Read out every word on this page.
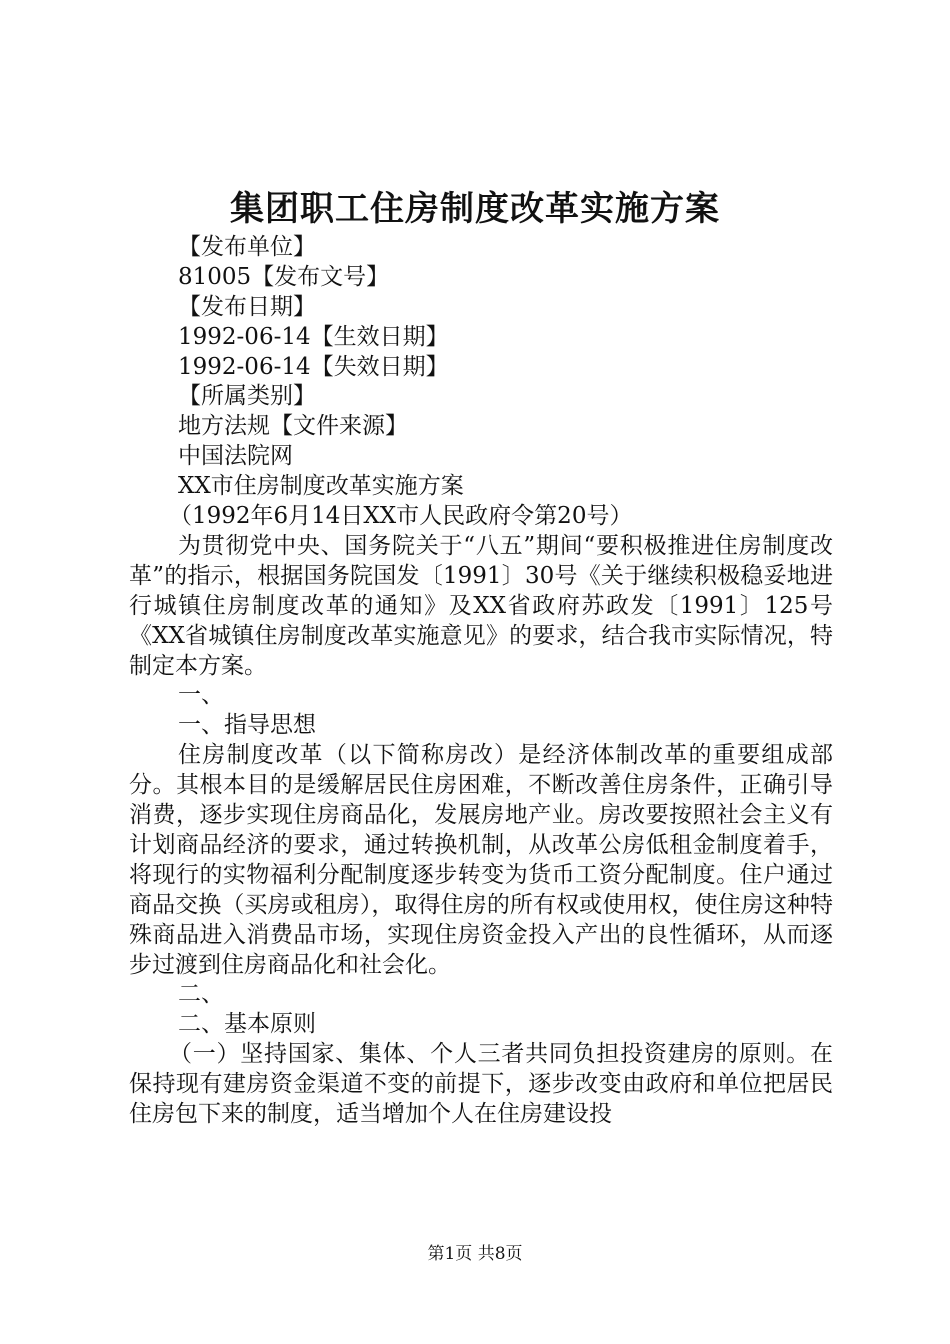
集团职工住房制度改革实施方案
【发布单位】
81005【发布文号】
【发布日期】
1992-06-14【生效日期】
1992-06-14【失效日期】
【所属类别】
地方法规【文件来源】
中国法院网
XX市住房制度改革实施方案
（1992年6月14日XX市人民政府令第20号）
为贯彻党中央、国务院关于“八五”期间“要积极推进住房制度改革”的指示，根据国务院国发〔1991〕30号《关于继续积极稳妥地进行城镇住房制度改革的通知》及XX省政府苏政发〔1991〕125号《XX省城镇住房制度改革实施意见》的要求，结合我市实际情况，特制定本方案。
一、
一、指导思想
住房制度改革（以下简称房改）是经济体制改革的重要组成部分。其根本目的是缓解居民住房困难，不断改善住房条件，正确引导消费，逐步实现住房商品化，发展房地产业。房改要按照社会主义有计划商品经济的要求，通过转换机制，从改革公房低租金制度着手，将现行的实物福利分配制度逐步转变为货币工资分配制度。住户通过商品交换（买房或租房），取得住房的所有权或使用权，使住房这种特殊商品进入消费品市场，实现住房资金投入产出的良性循环，从而逐步过渡到住房商品化和社会化。
二、
二、基本原则
（一）坚持国家、集体、个人三者共同负担投资建房的原则。在保持现有建房资金渠道不变的前提下，逐步改变由政府和单位把居民住房包下来的制度，适当增加个人在住房建设投
第1页 共8页
